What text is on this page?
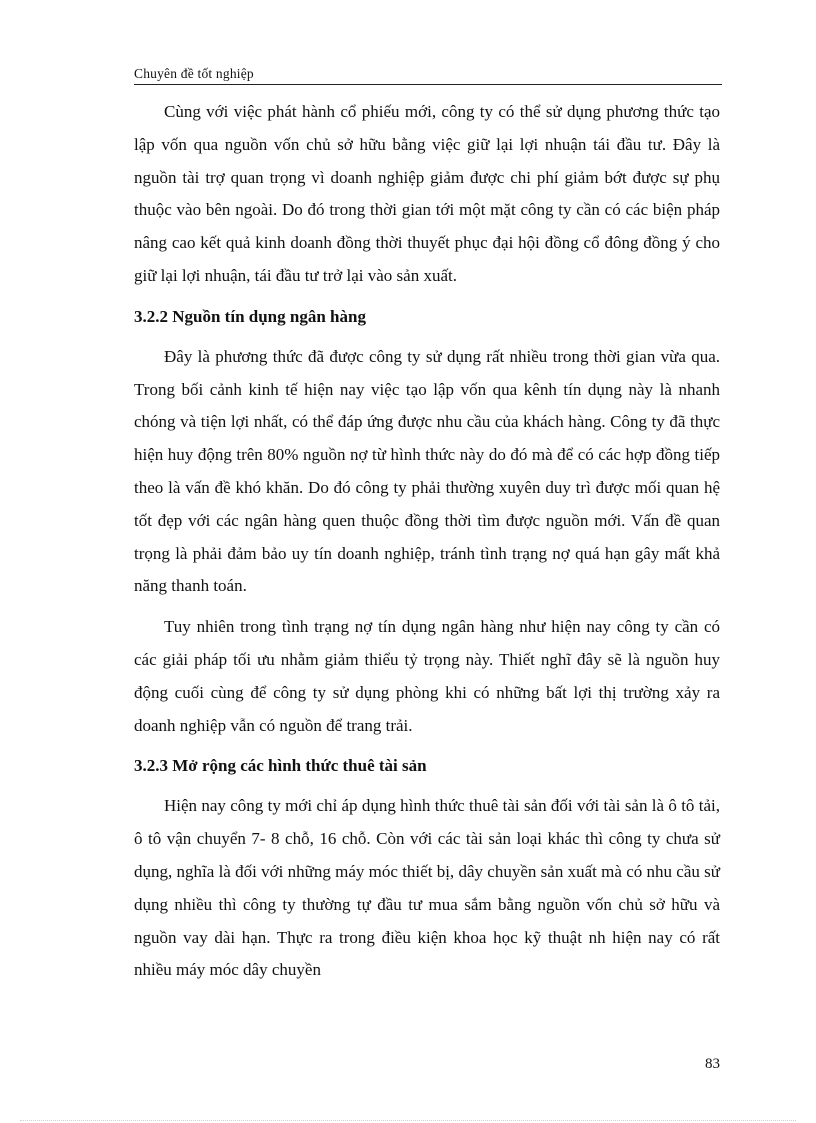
Chuyên đề tốt nghiệp

Cùng với việc phát hành cổ phiếu mới, công ty có thể sử dụng phương thức tạo lập vốn qua nguồn vốn chủ sở hữu bằng việc giữ lại lợi nhuận tái đầu tư. Đây là nguồn tài trợ quan trọng vì doanh nghiệp giảm được chi phí giảm bớt được sự phụ thuộc vào bên ngoài. Do đó trong thời gian tới một mặt công ty cần có các biện pháp nâng cao kết quả kinh doanh đồng thời thuyết phục đại hội đồng cổ đông đồng ý cho giữ lại lợi nhuận, tái đầu tư trở lại vào sản xuất.

3.2.2 Nguồn tín dụng ngân hàng

Đây là phương thức đã được công ty sử dụng rất nhiều trong thời gian vừa qua. Trong bối cảnh kinh tế hiện nay việc tạo lập vốn qua kênh tín dụng này là nhanh chóng và tiện lợi nhất, có thể đáp ứng được nhu cầu của khách hàng. Công ty đã thực hiện huy động trên 80% nguồn nợ từ hình thức này do đó mà để có các hợp đồng tiếp theo là vấn đề khó khăn. Do đó công ty phải thường xuyên duy trì được mối quan hệ tốt đẹp với các ngân hàng quen thuộc đồng thời tìm được nguồn mới. Vấn đề quan trọng là phải đảm bảo uy tín doanh nghiệp, tránh tình trạng nợ quá hạn gây mất khả năng thanh toán.

Tuy nhiên trong tình trạng nợ tín dụng ngân hàng như hiện nay công ty cần có các giải pháp tối ưu nhằm giảm thiểu tỷ trọng này. Thiết nghĩ đây sẽ là nguồn huy động cuối cùng để công ty sử dụng phòng khi có những bất lợi thị trường xảy ra doanh nghiệp vẫn có nguồn để trang trải.

3.2.3 Mở rộng các hình thức thuê tài sản

Hiện nay công ty mới chỉ áp dụng hình thức thuê tài sản đối với tài sản là ô tô tải, ô tô vận chuyển 7- 8 chỗ, 16 chỗ. Còn với các tài sản loại khác thì công ty chưa sử dụng, nghĩa là đối với những máy móc thiết bị, dây chuyền sản xuất mà có nhu cầu sử dụng nhiều thì công ty thường tự đầu tư mua sắm bằng nguồn vốn chủ sở hữu và nguồn vay dài hạn. Thực ra trong điều kiện khoa học kỹ thuật nh hiện nay có rất nhiều máy móc dây chuyền

83
